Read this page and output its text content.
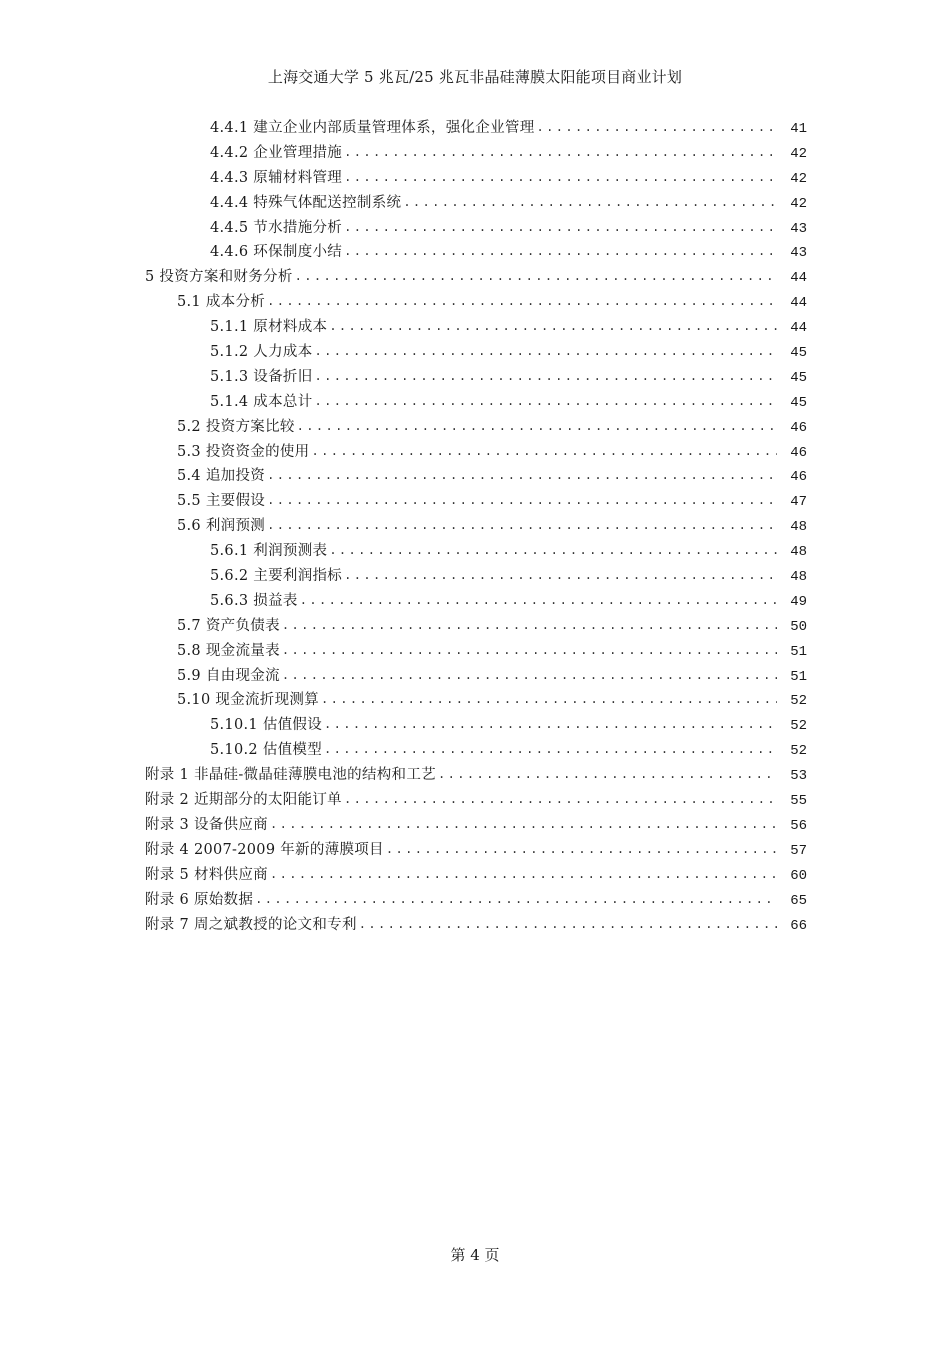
上海交通大学 5 兆瓦/25 兆瓦非晶硅薄膜太阳能项目商业计划
4.4.1 建立企业内部质量管理体系，强化企业管理 .....	41
4.4.2 企业管理措施 .....	42
4.4.3 原辅材料管理 .....	42
4.4.4 特殊气体配送控制系统 .....	42
4.4.5 节水措施分析 .....	43
4.4.6 环保制度小结 .....	43
5 投资方案和财务分析 .....	44
5.1 成本分析 .....	44
5.1.1 原材料成本 .....	44
5.1.2 人力成本 .....	45
5.1.3 设备折旧 .....	45
5.1.4 成本总计 .....	45
5.2 投资方案比较 .....	46
5.3 投资资金的使用 .....	46
5.4 追加投资 .....	46
5.5 主要假设 .....	47
5.6 利润预测 .....	48
5.6.1 利润预测表 .....	48
5.6.2 主要利润指标 .....	48
5.6.3 损益表 .....	49
5.7 资产负债表 .....	50
5.8 现金流量表 .....	51
5.9 自由现金流 .....	51
5.10 现金流折现测算 .....	52
5.10.1 估值假设 .....	52
5.10.2 估值模型 .....	52
附录 1 非晶硅-微晶硅薄膜电池的结构和工艺 .....	53
附录 2 近期部分的太阳能订单 .....	55
附录 3 设备供应商 .....	56
附录 4 2007-2009 年新的薄膜项目 .....	57
附录 5 材料供应商 .....	60
附录 6 原始数据 .....	65
附录 7 周之斌教授的论文和专利 .....	66
第 4 页
